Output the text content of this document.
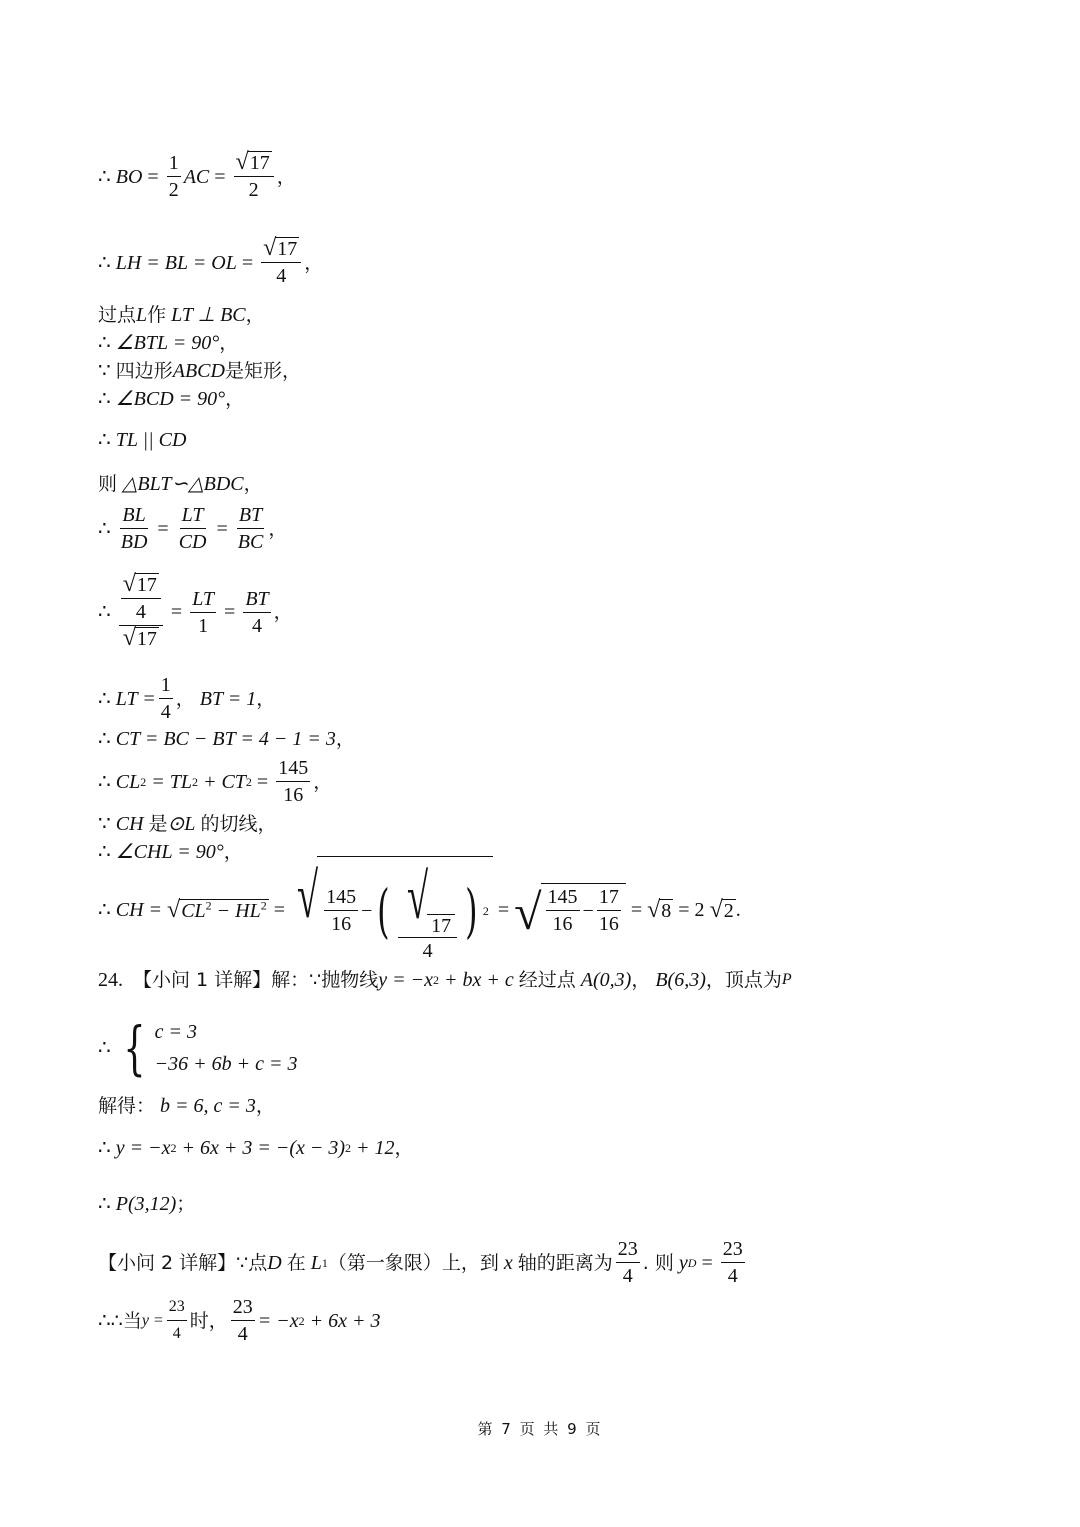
∴
BO = $\frac{1}{2}$ AC = $\frac{√ 17}{2}$ ，
∴
LH = BL = OL = $\frac{√ 17}{4}$ ，
过点 L 作
LT ⊥ BC ，
∴
∠BTL = 90° ，
∵
四边形 ABCD 是矩形，
∴
∠BCD = 90° ，
∴
TL || CD
则
△BLT∽△BDC ，
∴
$\frac{BL}{BD} = \frac{LT}{CD} = \frac{BT}{BC}$ ，
∴
$\frac{\frac{√ 17}{4}}{√ 17} = \frac{LT}{1} = \frac{BT}{4}$ ，
∴
LT = $\frac{1}{4}$ ，
BT = 1 ，
∴
CT = BC − BT = 4 − 1 = 3 ，
∴
CL 2
= TL 2
+ CT $2 = \frac{145}{16}$ ，
∵
CH
是 ⊙L
的切线，
∴
∠CHL = 90° ，
∴
CH =
√ $CL^2 - HL^2$ = √ $\frac{145}{16}$ − ( $\frac{√ 17}{4}$ ) 2 = √ $\frac{145}{16} - \frac{17}{16}$ = √ 8 = 2 √ 2 .
24.
【小问 1 详解】 解：∵抛物线 y = −x 2
+ bx + c
经过点
A(0,3) ，
B(6,3) ，顶点为 P
∴
{ c = 3
−36 + 6b + c = 3
解得：
b = 6, c = 3 ，
∴
y = −x 2
+ 6x + 3 = −(x − 3) 2
+ 12 ，
∴
P(3,12) ；
【小问 2 详解】 ∵点 D
在
L 1 （第一象限）上，到
x
轴的距离为 $\frac{23}{4}$ . 则
y $D = \frac{23}{4}$
∴ ∴当 $y = \frac{23}{4}$ 时， $\frac{23}{4} = -x$ 2
+ 6x + 3
第 7 页 共 9 页
